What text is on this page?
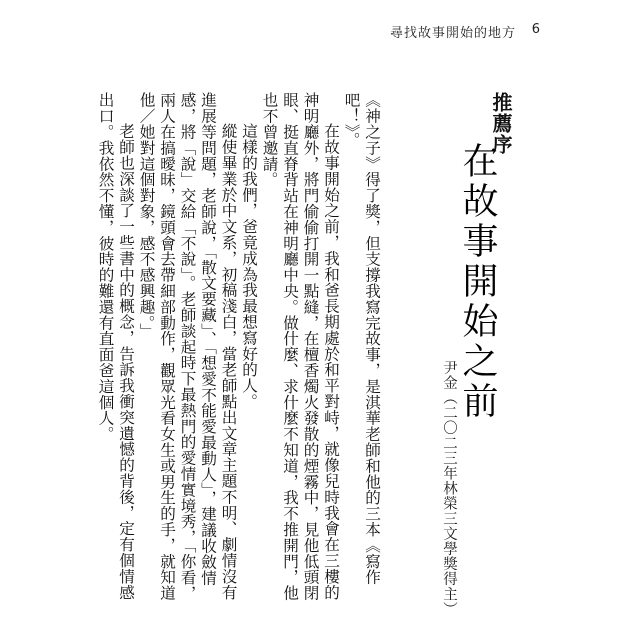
尋找故事開始的地方 6
推薦序
在故事開始之前
尹金（二〇二三年林榮三文學獎得主）

《神之子》得了獎，但支撐我寫完故事，是淇華老師和他的三本《寫作吧！》。

在故事開始之前，我和爸長期處於和平對峙，就像兒時我會在三樓的神明廳外，將門偷偷打開一點縫，在檀香燭火發散的煙霧中，見他低頭閉眼、挺直脊背站在神明廳中央。做什麼、求什麼不知道，我不推開門，他也不曾邀請。

這樣的我們，爸竟成為我最想寫好的人。

縱使畢業於中文系，初稿淺白，當老師點出文章主題不明、劇情沒有進展等問題，老師說，「散文要藏」、「想愛不能愛最動人」，建議收斂情感，將「說」交給「不說」。老師談起時下最熱門的愛情實境秀，「你看，兩人在搞曖昧，鏡頭會去帶細部動作，觀眾光看女生或男生的手，就知道他／她對這個對象，感不感興趣。」

老師也深談了一些書中的概念，告訴我衝突遺憾的背後，定有個情感出口。我依然不懂，彼時的難還有直面爸這個人。
